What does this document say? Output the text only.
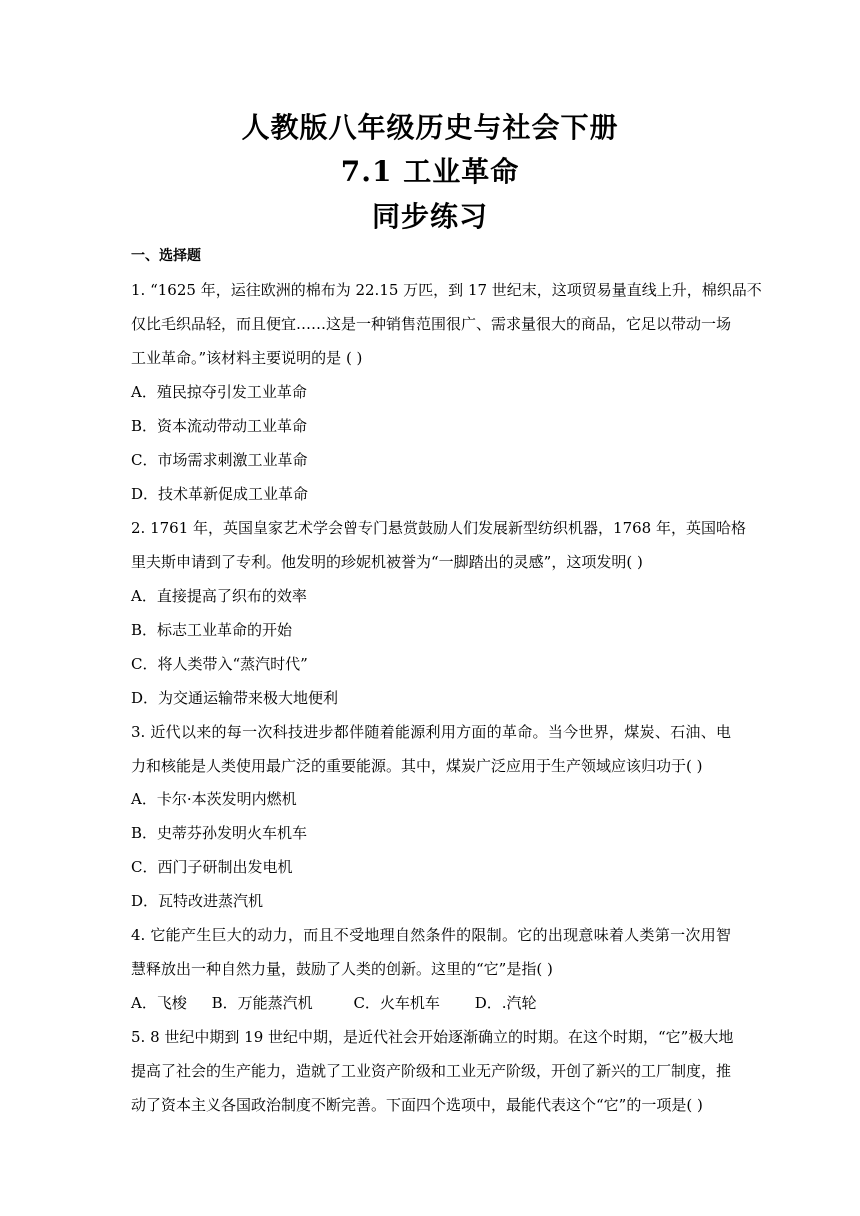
人教版八年级历史与社会下册
7.1 工业革命
同步练习
一、选择题
1. “1625 年，运往欧洲的棉布为 22.15 万匹，到 17 世纪末，这项贸易量直线上升，棉织品不
仅比毛织品轻，而且便宜……这是一种销售范围很广、需求量很大的商品，它足以带动一场
工业革命。”该材料主要说明的是 ( )
A．殖民掠夺引发工业革命
B．资本流动带动工业革命
C．市场需求刺激工业革命
D．技术革新促成工业革命
2. 1761 年，英国皇家艺术学会曾专门悬赏鼓励人们发展新型纺织机器，1768 年，英国哈格
里夫斯申请到了专利。他发明的珍妮机被誉为“一脚踏出的灵感”，这项发明( )
A．直接提高了织布的效率
B．标志工业革命的开始
C．将人类带入“蒸汽时代”
D．为交通运输带来极大地便利
3. 近代以来的每一次科技进步都伴随着能源利用方面的革命。当今世界，煤炭、石油、电
力和核能是人类使用最广泛的重要能源。其中，煤炭广泛应用于生产领域应该归功于( )
A．卡尔·本茨发明内燃机
B．史蒂芬孙发明火车机车
C．西门子研制出发电机
D．瓦特改进蒸汽机
4. 它能产生巨大的动力，而且不受地理自然条件的限制。它的出现意味着人类第一次用智
慧释放出一种自然力量，鼓励了人类的创新。这里的“它”是指( )
A．飞梭 B．万能蒸汽机	C．火车机车 D．.汽轮
5. 8 世纪中期到 19 世纪中期，是近代社会开始逐渐确立的时期。在这个时期，“它”极大地
提高了社会的生产能力，造就了工业资产阶级和工业无产阶级，开创了新兴的工厂制度，推
动了资本主义各国政治制度不断完善。下面四个选项中，最能代表这个“它”的一项是( )
